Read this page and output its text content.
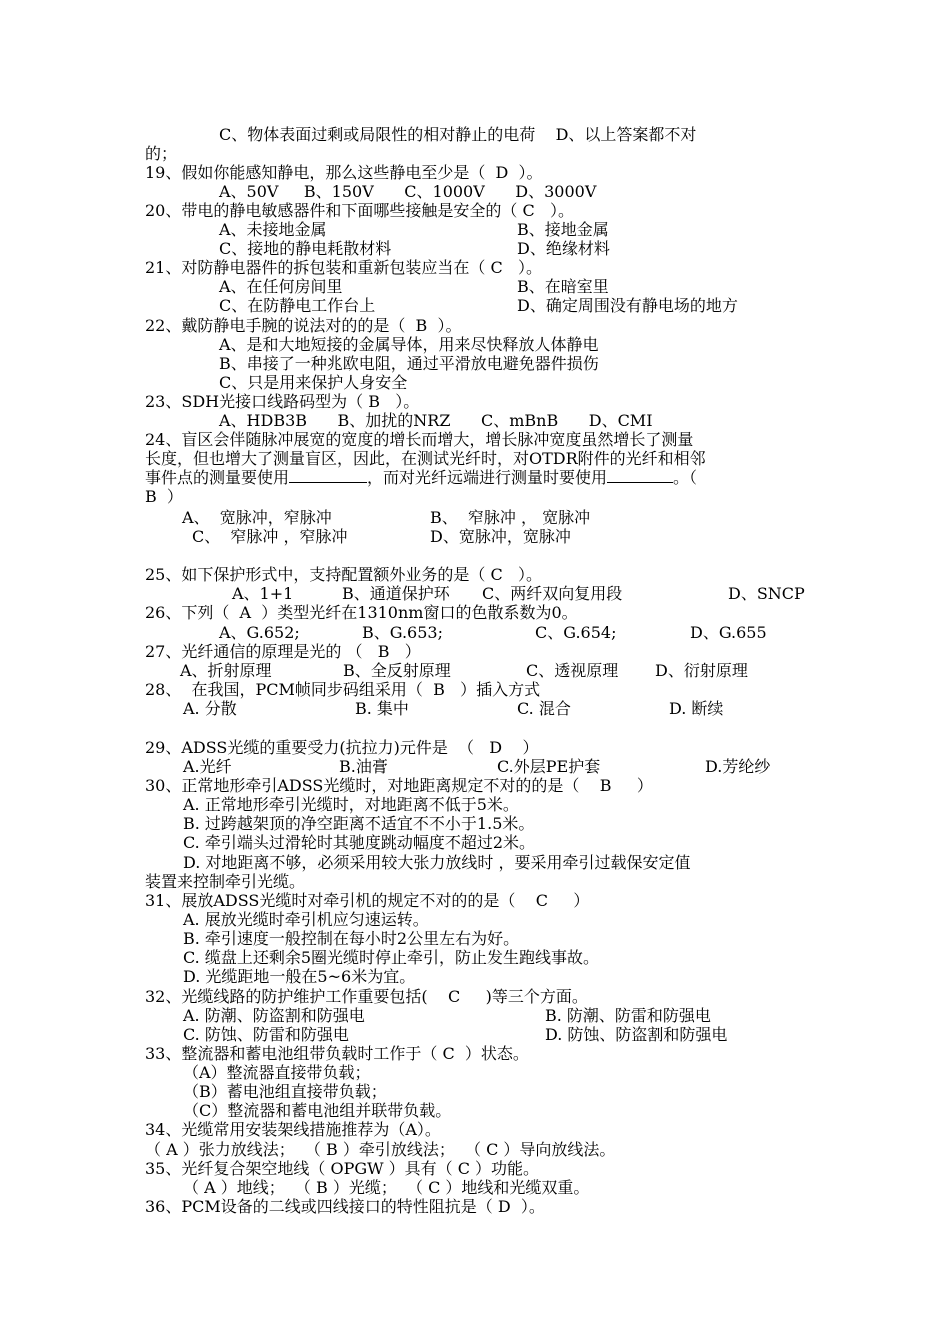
C、物体表面过剩或局限性的相对静止的电荷    D、以上答案都不对
的；
19、假如你能感知静电，那么这些静电至少是（  D  ）。
A、50V     B、150V      C、1000V      D、3000V
20、带电的静电敏感器件和下面哪些接触是安全的（ C   ）。
A、未接地金属	B、接地金属
C、接地的静电耗散材料	D、绝缘材料
21、对防静电器件的拆包装和重新包装应当在（ C   ）。
A、在任何房间里	B、在暗室里
C、在防静电工作台上	D、确定周围没有静电场的地方
22、戴防静电手腕的说法对的的是（  B  ）。
A、是和大地短接的金属导体，用来尽快释放人体静电
B、串接了一种兆欧电阻，通过平滑放电避免器件损伤
C、只是用来保护人身安全
23、SDH光接口线路码型为（ B   ）。
A、HDB3B      B、加扰的NRZ      C、mBnB      D、CMI
24、盲区会伴随脉冲展宽的宽度的增长而增大，增长脉冲宽度虽然增长了测量
长度，但也增大了测量盲区，因此，在测试光纤时，对OTDR附件的光纤和相邻
事件点的测量要使用	，而对光纤远端进行测量时要使用	。（
B  ）
A、  宽脉冲，窄脉冲	B、  窄脉冲 ， 宽脉冲
C、  窄脉冲 ，窄脉冲	D、宽脉冲，宽脉冲
25、如下保护形式中，支持配置额外业务的是（ C   ）。
A、1+1	B、通道保护环 C、两纤双向复用段	D、SNCP
26、下列（  A  ）类型光纤在1310nm窗口的色散系数为0。
A、G.652;	B、G.653;	C、G.654;	D、G.655
27、光纤通信的原理是光的 （   B   ）
A、折射原理	B、全反射原理	C、透视原理 D、衍射原理
28、  在我国，PCM帧同步码组采用（  B   ）插入方式
A. 分散	B. 集中	C. 混合	D. 断续
29、ADSS光缆的重要受力(抗拉力)元件是  （   D    ）
A.光纤	B.油膏	C.外层PE护套	D.芳纶纱
30、正常地形牵引ADSS光缆时，对地距离规定不对的的是（    B     ）
A. 正常地形牵引光缆时，对地距离不低于5米。
B. 过跨越架顶的净空距离不适宜不不小于1.5米。
C. 牵引端头过滑轮时其驰度跳动幅度不超过2米。
D. 对地距离不够，必须采用较大张力放线时 ，要采用牵引过载保安定值
装置来控制牵引光缆。
31、展放ADSS光缆时对牵引机的规定不对的的是（    C     ）
A. 展放光缆时牵引机应匀速运转。
B. 牵引速度一般控制在每小时2公里左右为好。
C. 缆盘上还剩余5圈光缆时停止牵引，防止发生跑线事故。
D. 光缆距地一般在5~6米为宜。
32、光缆线路的防护维护工作重要包括(    C     )等三个方面。
A. 防潮、防盗割和防强电	B. 防潮、防雷和防强电
C. 防蚀、防雷和防强电	D. 防蚀、防盗割和防强电
33、整流器和蓄电池组带负载时工作于（ C  ）状态。
（A）整流器直接带负载；
（B）蓄电池组直接带负载；
（C）整流器和蓄电池组并联带负载。
34、光缆常用安装架线措施推荐为（A）。
（ A ）张力放线法；  （ B ）牵引放线法；  （ C ）导向放线法。
35、光纤复合架空地线（ OPGW ）具有（ C ）功能。
（ A ）地线；  （ B ）光缆；  （ C ）地线和光缆双重。
36、PCM设备的二线或四线接口的特性阻抗是（ D  ）。
